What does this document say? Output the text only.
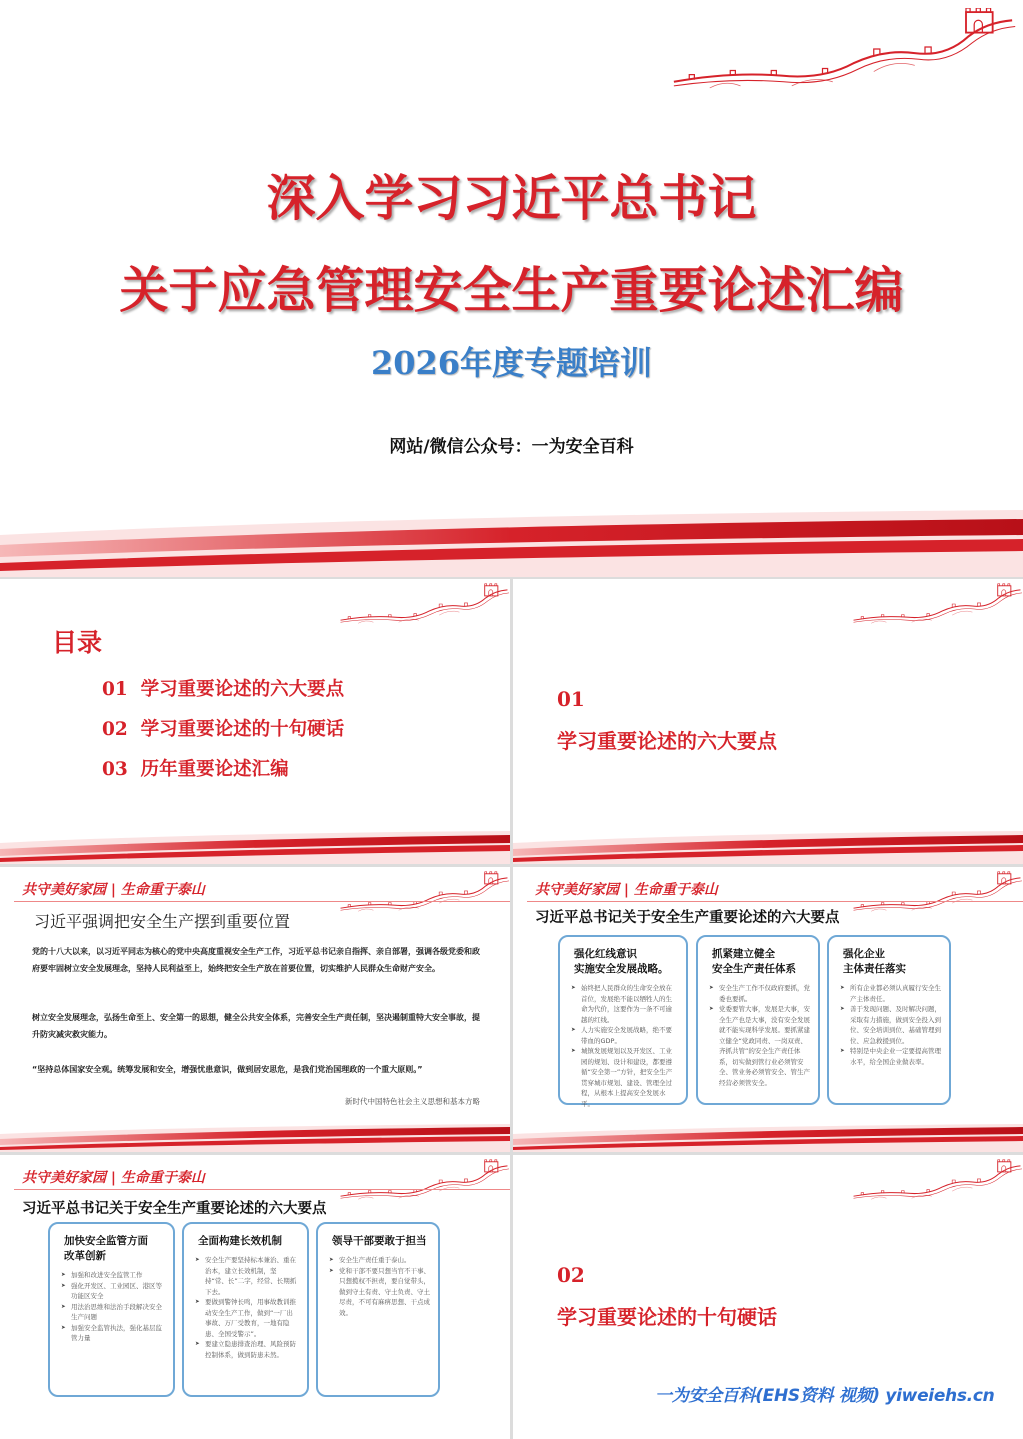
深入学习习近平总书记
关于应急管理安全生产重要论述汇编
2026年度专题培训
网站/微信公众号：一为安全百科
目录
01  学习重要论述的六大要点
02  学习重要论述的十句硬话
03  历年重要论述汇编
01
学习重要论述的六大要点
共守美好家园 | 生命重于泰山
习近平强调把安全生产摆到重要位置
党的十八大以来，以习近平同志为核心的党中央高度重视安全生产工作，习近平总书记亲自指挥、亲自部署，强调各级党委和政府要牢固树立安全发展理念，坚持人民利益至上，始终把安全生产放在首要位置，切实维护人民群众生命财产安全。
树立安全发展理念，弘扬生命至上、安全第一的思想，健全公共安全体系，完善安全生产责任制，坚决遏制重特大安全事故，提升防灾减灾救灾能力。
“坚持总体国家安全观。统筹发展和安全，增强忧患意识，做到居安思危，是我们党治国理政的一个重大原则。”
新时代中国特色社会主义思想和基本方略
共守美好家园 | 生命重于泰山
习近平总书记关于安全生产重要论述的六大要点
强化红线意识
实施安全发展战略。
➤ 始终把人民群众的生命安全放在首位，发展绝不能以牺牲人的生命为代价，这要作为一条不可逾越的红线。
➤ 人力实施安全发展战略，绝不要带血的GDP。
➤ 城镇发展规划以及开发区、工业园的规划、设计和建设，都要遵循“安全第一”方针，把安全生产贯穿城市规划、建设、管理全过程，从根本上提高安全发展水平。
抓紧建立健全
安全生产责任体系
➤ 安全生产工作不仅政府要抓，党委也要抓。
➤ 党委要管大事，发展是大事，安全生产也是大事，没有安全发展就不能实现科学发展。要抓紧建立健全“党政同责、一岗双责、齐抓共管”的安全生产责任体系，切实做到管行业必须管安全、管业务必须管安全、管生产经营必须管安全。
强化企业
主体责任落实
➤ 所有企业都必须认真履行安全生产主体责任。
➤ 善于发现问题、及时解决问题，采取有力措施，做到安全投入到位、安全培训到位、基础管理到位、应急救援到位。
➤ 特别是中央企业一定要提高管理水平，给全国企业做表率。
共守美好家园 | 生命重于泰山
习近平总书记关于安全生产重要论述的六大要点
加快安全监管方面
改革创新
➤ 加强和改进安全监管工作
➤ 强化开发区、工业园区、港区等功能区安全
➤ 用法治思维和法治手段解决安全生产问题
➤ 加强安全监管执法，强化基层监管力量
全面构建长效机制
➤ 安全生产要坚持标本兼治、重在治本，建立长效机制，坚持“常、长”二字，经常、长期抓下去。
➤ 要做到警钟长鸣，用事故教训推动安全生产工作，做到“一厂出事故、万厂受教育，一地有隐患、全国受警示”。
➤ 要建立隐患排查治理、风险预防控制体系，做到防患未然。
领导干部要敢于担当
➤ 安全生产责任重于泰山。
➤ 党和干部不要只想当官不干事、只想揽权不担责，要自觉带头，做到守土有责、守土负责、守土尽责，不可有麻痹思想、干点成效。
02
学习重要论述的十句硬话
一为安全百科(EHS资料 视频) yiweiehs.cn
